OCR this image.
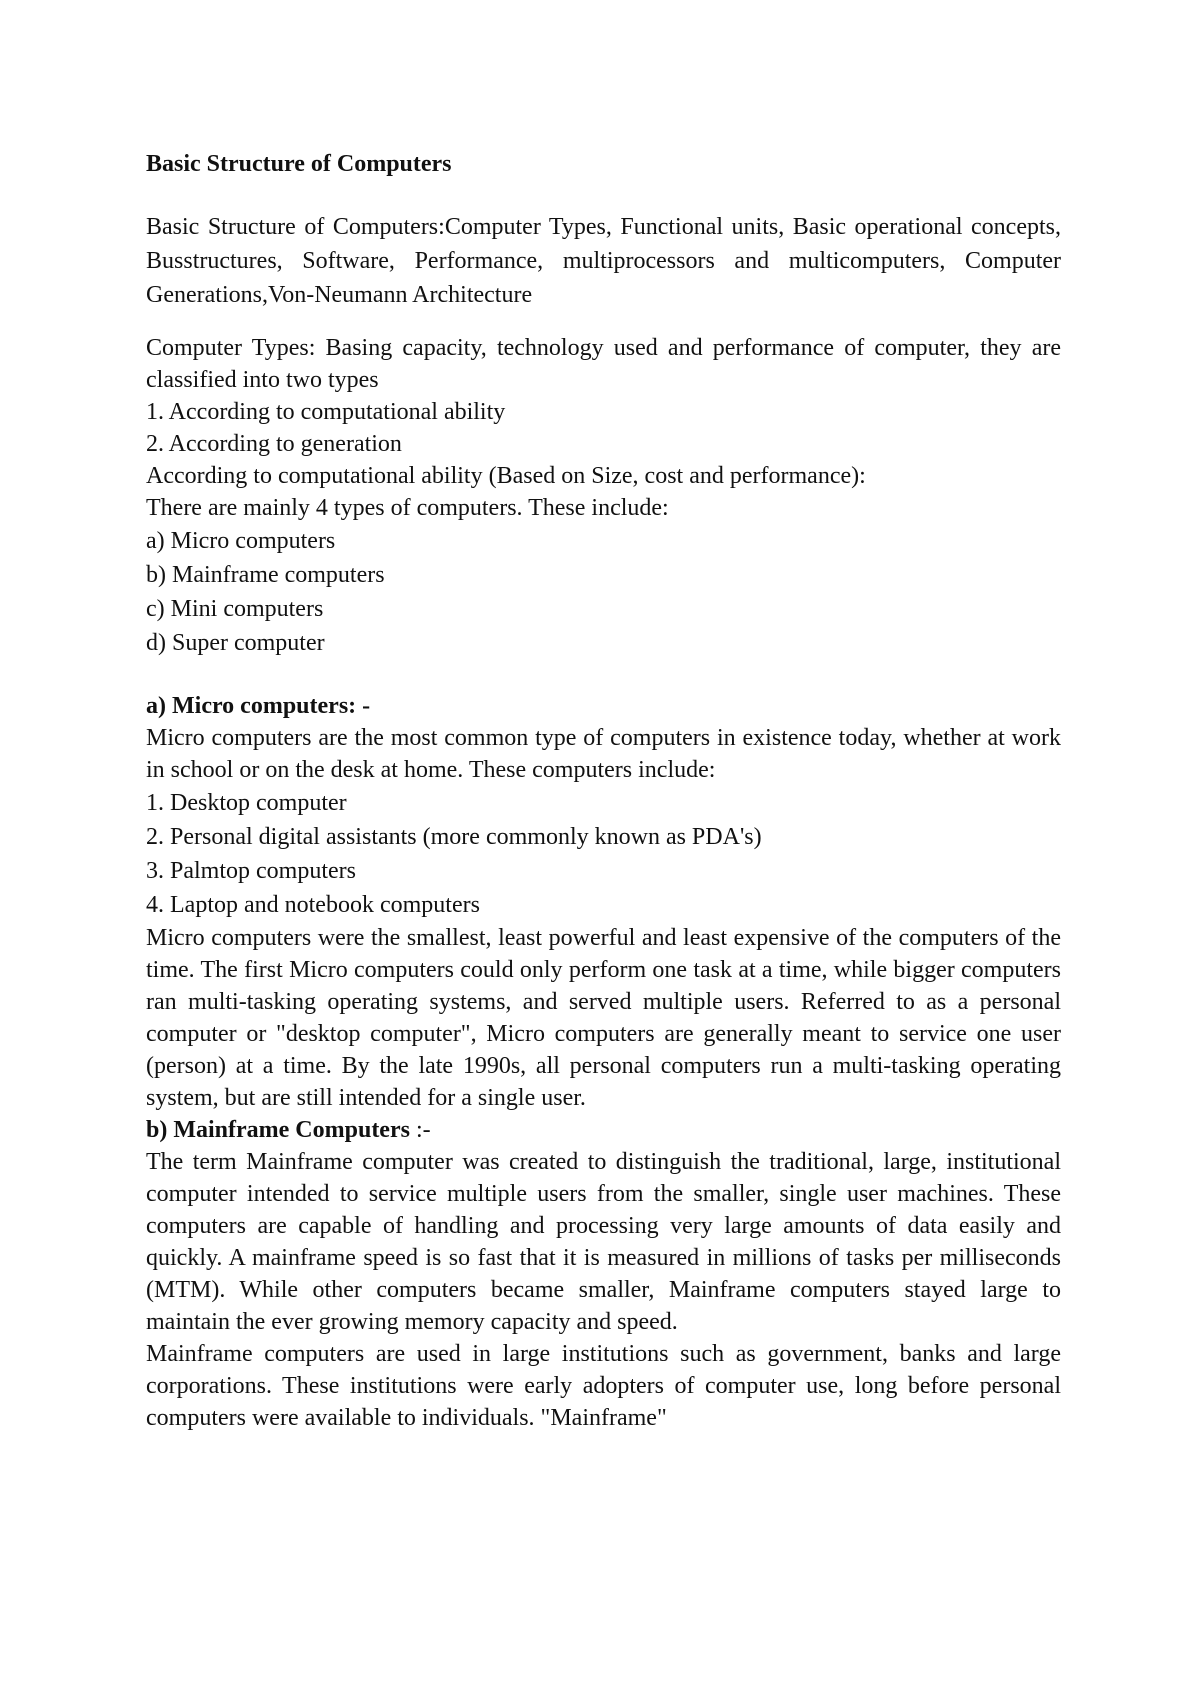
Basic Structure of Computers

Basic Structure of Computers:Computer Types, Functional units, Basic operational concepts, Busstructures, Software, Performance, multiprocessors and multicomputers, Computer Generations,Von-Neumann Architecture

Computer Types: Basing capacity, technology used and performance of computer, they are classified into two types

1. According to computational ability

2. According to generation

According to computational ability (Based on Size, cost and performance):

There are mainly 4 types of computers. These include:

a) Micro computers

b) Mainframe computers

c) Mini computers

d) Super computer

a) Micro computers: -

Micro computers are the most common type of computers in existence today, whether at work in school or on the desk at home. These computers include:

1. Desktop computer

2. Personal digital assistants (more commonly known as PDA's)

3. Palmtop computers

4. Laptop and notebook computers

Micro computers were the smallest, least powerful and least expensive of the computers of the time. The first Micro computers could only perform one task at a time, while bigger computers ran multi-tasking operating systems, and served multiple users. Referred to as a personal computer or "desktop computer", Micro computers are generally meant to service one user (person) at a time. By the late 1990s, all personal computers run a multi-tasking operating system, but are still intended for a single user.

b) Mainframe Computers :-

The term Mainframe computer was created to distinguish the traditional, large, institutional computer intended to service multiple users from the smaller, single user machines. These computers are capable of handling and processing very large amounts of data easily and quickly. A mainframe speed is so fast that it is measured in millions of tasks per milliseconds (MTM). While other computers became smaller, Mainframe computers stayed large to maintain the ever growing memory capacity and speed.

Mainframe computers are used in large institutions such as government, banks and large corporations. These institutions were early adopters of computer use, long before personal computers were available to individuals. "Mainframe"
